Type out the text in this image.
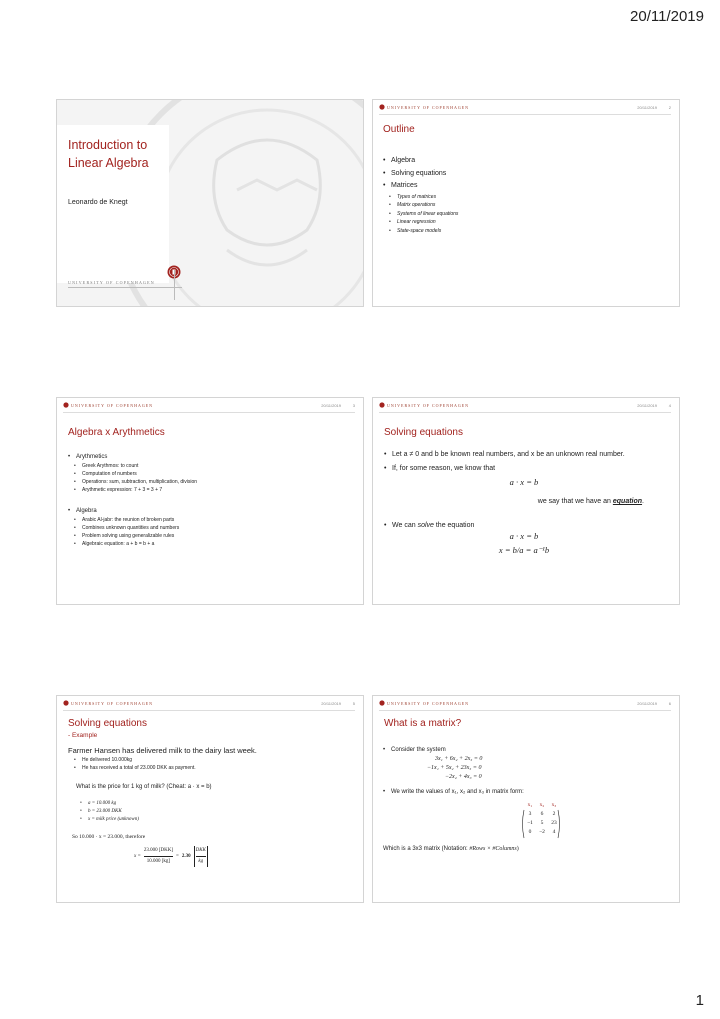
20/11/2019
Introduction to Linear Algebra
Leonardo de Knegt
UNIVERSITY OF COPENHAGEN
UNIVERSITY OF COPENHAGEN	20/11/2019	2
Outline
• Algebra
• Solving equations
• Matrices
• Types of matrices
• Matrix operations
• Systems of linear equations
• Linear regression
• State-space models
UNIVERSITY OF COPENHAGEN	20/11/2019	3
Algebra x Arythmetics
• Arythmetics
• Greek Arythmos: to count
• Computation of numbers
• Operations: sum, subtraction, multiplication, division
• Arythmetic expression: 7 + 3 = 3 + 7
• Algebra
• Arabic Al-jabr: the reunion of broken parts
• Combines unknown quantities and numbers
• Problem solving using generalizable rules
• Algebraic equation: a + b = b + a
UNIVERSITY OF COPENHAGEN	20/11/2019	4
Solving equations
• Let a ≠ 0 and b be known real numbers, and x be an unknown real number.
• If, for some reason, we know that
a · x = b
we say that we have an equation.
• We can solve the equation
a · x = b
x = b/a = a⁻¹b
UNIVERSITY OF COPENHAGEN	20/11/2019	5
Solving equations
- Example
Farmer Hansen has delivered milk to the dairy last week.
• He delivered 10.000kg
• He has received a total of 23.000 DKK as payment.
What is the price for 1 kg of milk? (Cheat: a · x = b)
• a = 10.000 kg
• b = 23.000 DKK
• x = milk price (unknown)
So 10.000 · x = 23.000, therefore
x =
23.000 [DKK]
10.000 [kg]
= 2.30
DKK
kg
UNIVERSITY OF COPENHAGEN	20/11/2019	6
What is a matrix?
• Consider the system
3x₁ + 6x₂ + 2x₃ = 0
−1x₁ + 5x₂ + 23x₃ = 0
−2x₂ + 4x₃ = 0
• We write the values of x₁, x₂ and x₃ in matrix form:
x₁	x₂	x₃
3	6	2
−1	5	23
0	−2	4
Which is a 3x3 matrix (Notation: #Rows × #Columns)
1
